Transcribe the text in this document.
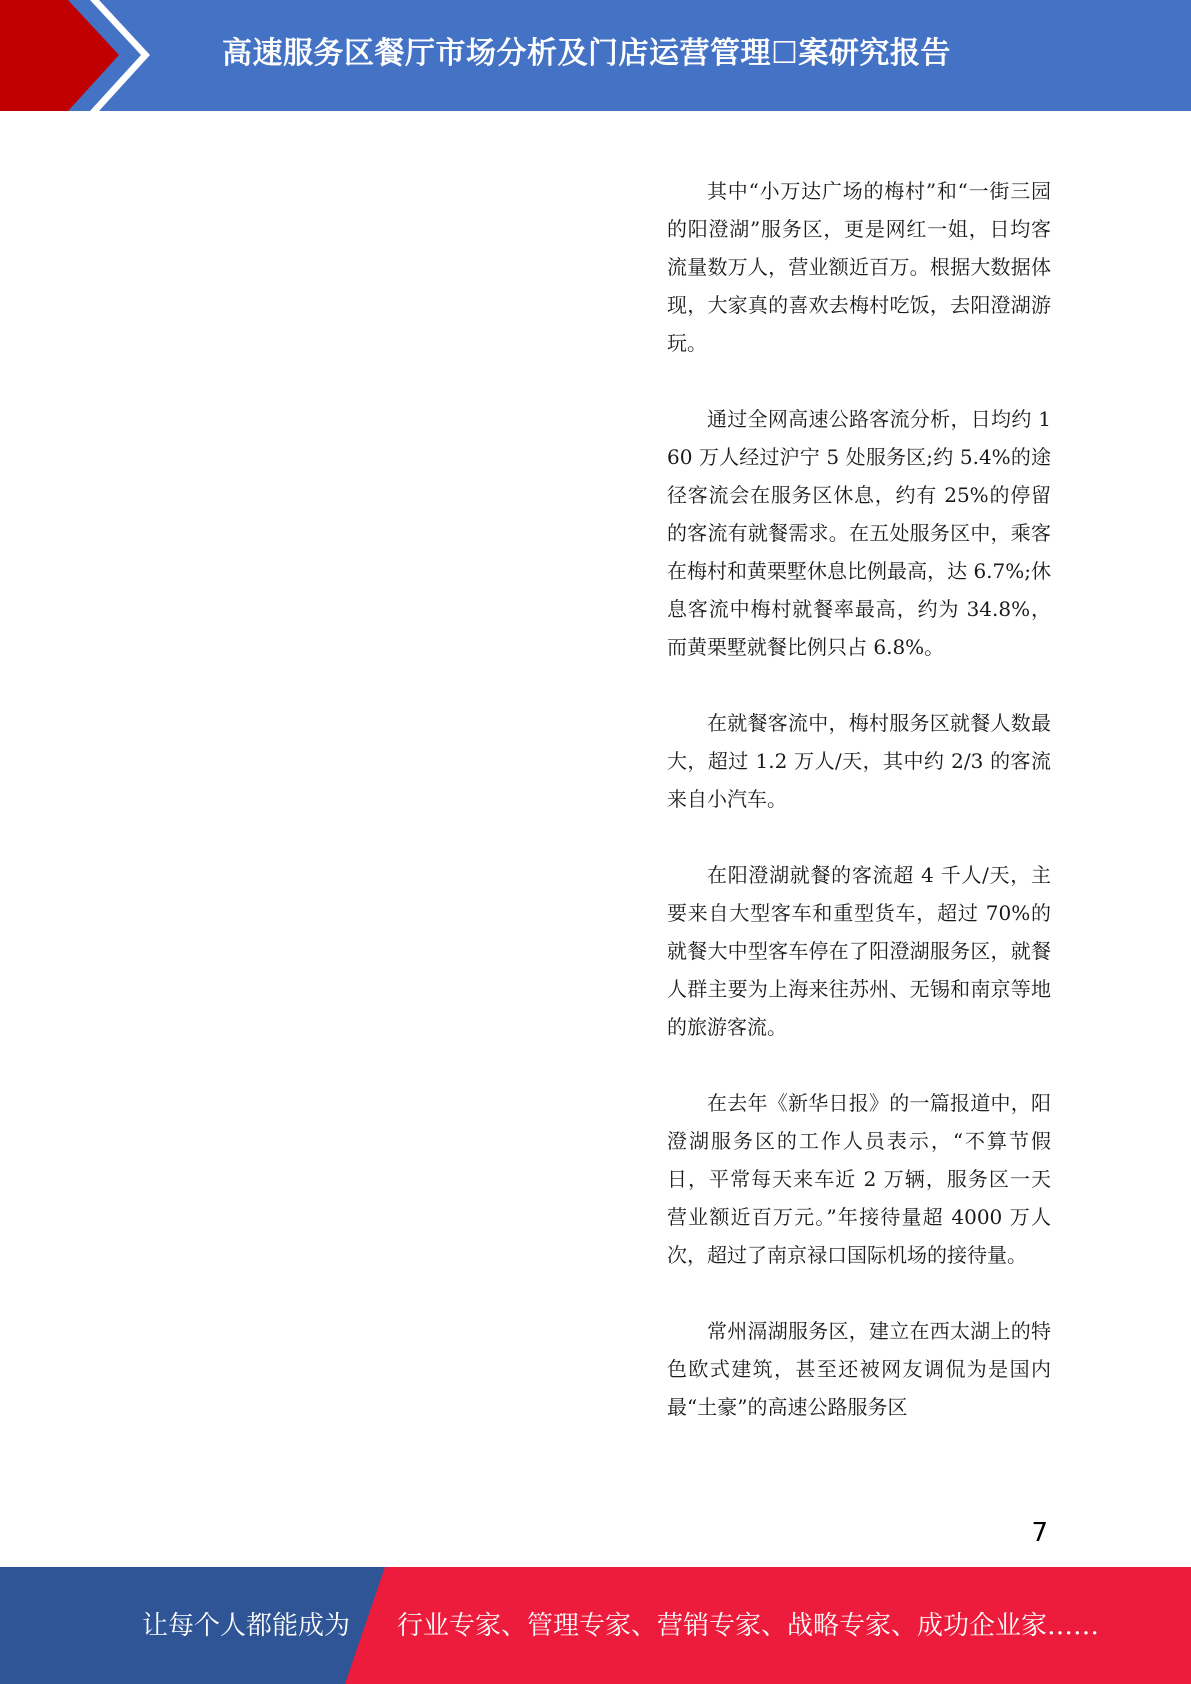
高速服务区餐厅市场分析及门店运营管理☐案研究报告

其中“小万达广场的梅村”和“一街三园的阳澄湖”服务区，更是网红一姐，日均客流量数万人，营业额近百万。根据大数据体现，大家真的喜欢去梅村吃饭，去阳澄湖游玩。

通过全网高速公路客流分析，日均约 160 万人经过沪宁 5 处服务区;约 5.4%的途径客流会在服务区休息，约有 25%的停留的客流有就餐需求。在五处服务区中，乘客在梅村和黄栗墅休息比例最高，达 6.7%;休息客流中梅村就餐率最高，约为 34.8%，而黄栗墅就餐比例只占 6.8%。

在就餐客流中，梅村服务区就餐人数最大，超过 1.2 万人/天，其中约 2/3 的客流来自小汽车。

在阳澄湖就餐的客流超 4 千人/天，主要来自大型客车和重型货车，超过 70%的就餐大中型客车停在了阳澄湖服务区，就餐人群主要为上海来往苏州、无锡和南京等地的旅游客流。

在去年《新华日报》的一篇报道中，阳澄湖服务区的工作人员表示，“不算节假日，平常每天来车近 2 万辆，服务区一天营业额近百万元。”年接待量超 4000 万人次，超过了南京禄口国际机场的接待量。

常州滆湖服务区，建立在西太湖上的特色欧式建筑，甚至还被网友调侃为是国内最“土豪”的高速公路服务区

7
让每个人都能成为 行业专家、管理专家、营销专家、战略专家、成功企业家……
